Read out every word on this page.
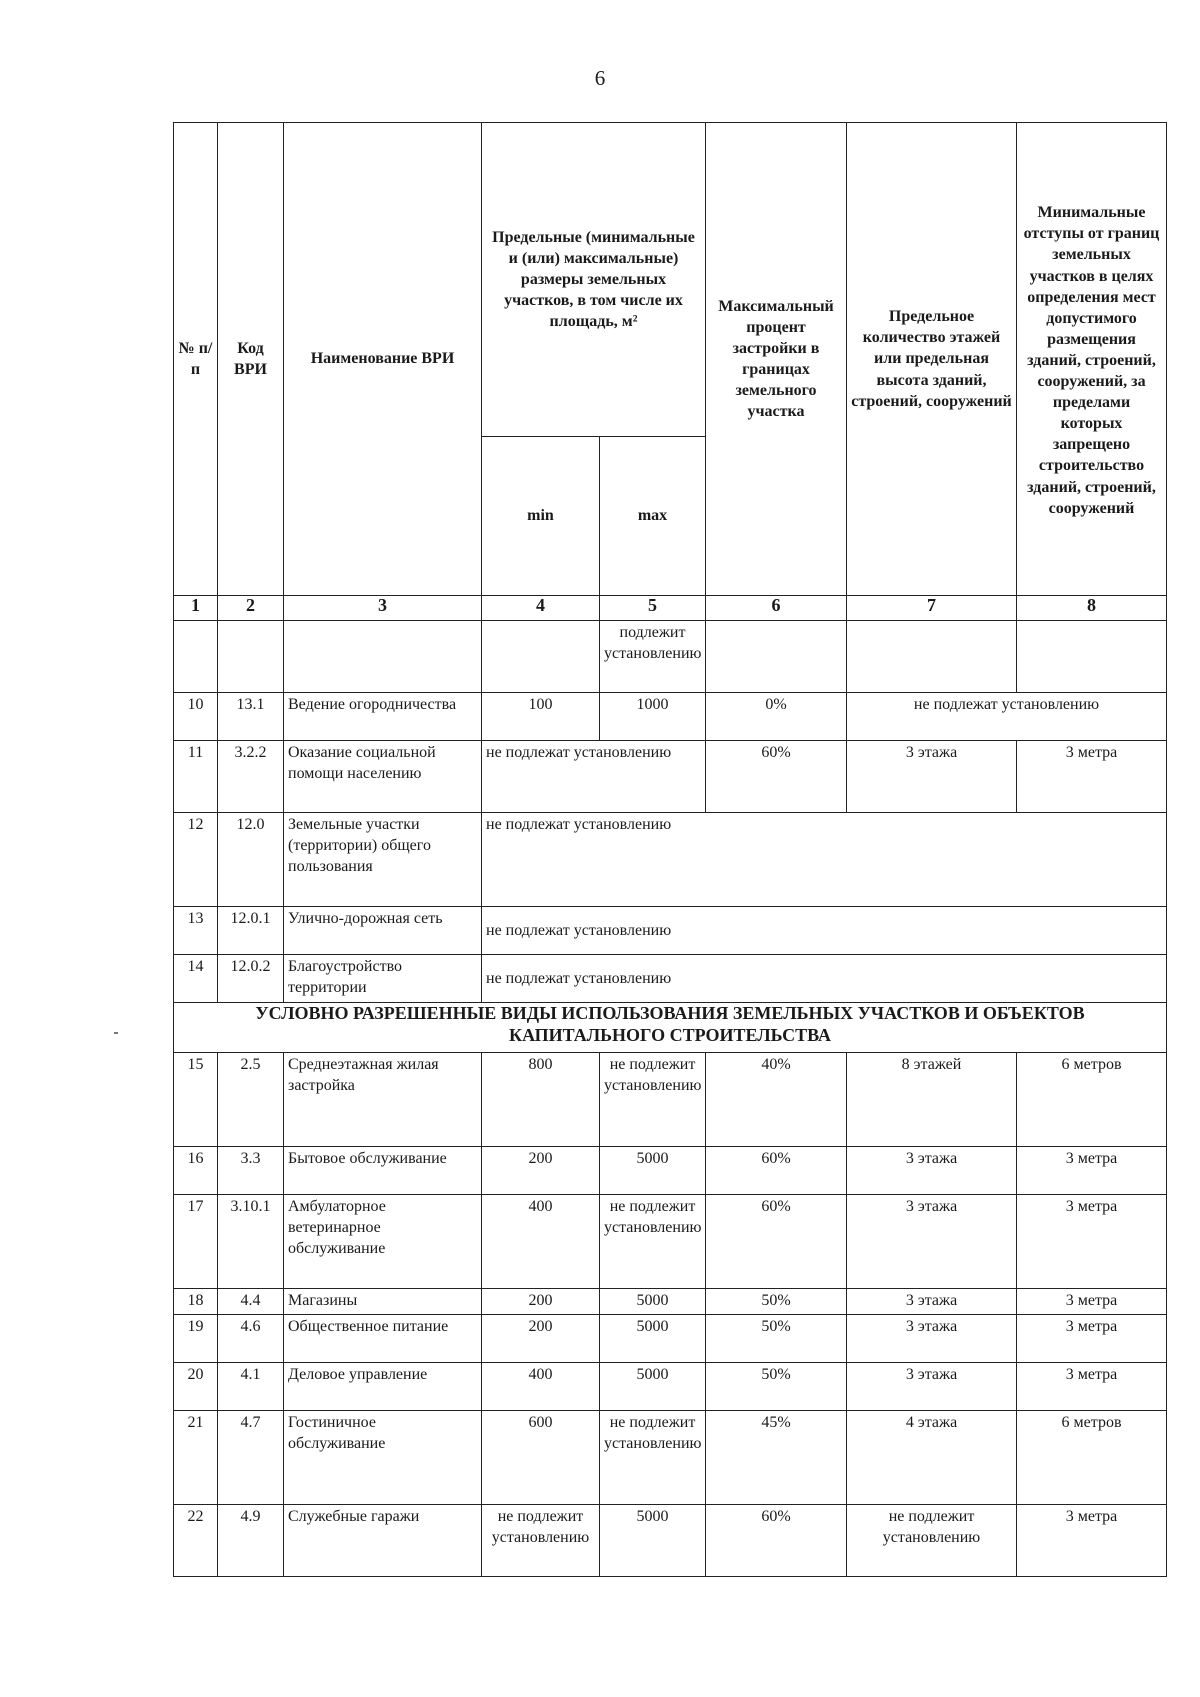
6
№ п/п	Код ВРИ	Наименование ВРИ	Предельные (минимальные и (или) максимальные) размеры земельных участков, в том числе их площадь, м²		Максимальный процент застройки в границах земельного участка	Предельное количество этажей или предельная высота зданий, строений, сооружений	Минимальные отступы от границ земельных участков в целях определения мест допустимого размещения зданий, строений, сооружений, за пределами которых запрещено строительство зданий, строений, сооружений
			min	max			
1	2	3	4	5	6	7	8
				подлежит установлению			
10	13.1	Ведение огородничества	100	1000	0%	не подлежат установлению	
11	3.2.2	Оказание социальной помощи населению	не подлежат установлению		60%	3 этажа	3 метра
12	12.0	Земельные участки (территории) общего пользования	не подлежат установлению				
13	12.0.1	Улично-дорожная сеть	не подлежат установлению				
14	12.0.2	Благоустройство территории	не подлежат установлению				
УСЛОВНО РАЗРЕШЕННЫЕ ВИДЫ ИСПОЛЬЗОВАНИЯ ЗЕМЕЛЬНЫХ УЧАСТКОВ И ОБЪЕКТОВ КАПИТАЛЬНОГО СТРОИТЕЛЬСТВА							
15	2.5	Среднеэтажная жилая застройка	800	не подлежит установлению	40%	8 этажей	6 метров
16	3.3	Бытовое обслуживание	200	5000	60%	3 этажа	3 метра
17	3.10.1	Амбулаторное ветеринарное обслуживание	400	не подлежит установлению	60%	3 этажа	3 метра
18	4.4	Магазины	200	5000	50%	3 этажа	3 метра
19	4.6	Общественное питание	200	5000	50%	3 этажа	3 метра
20	4.1	Деловое управление	400	5000	50%	3 этажа	3 метра
21	4.7	Гостиничное обслуживание	600	не подлежит установлению	45%	4 этажа	6 метров
22	4.9	Служебные гаражи	не подлежит установлению	5000	60%	не подлежит установлению	3 метра
